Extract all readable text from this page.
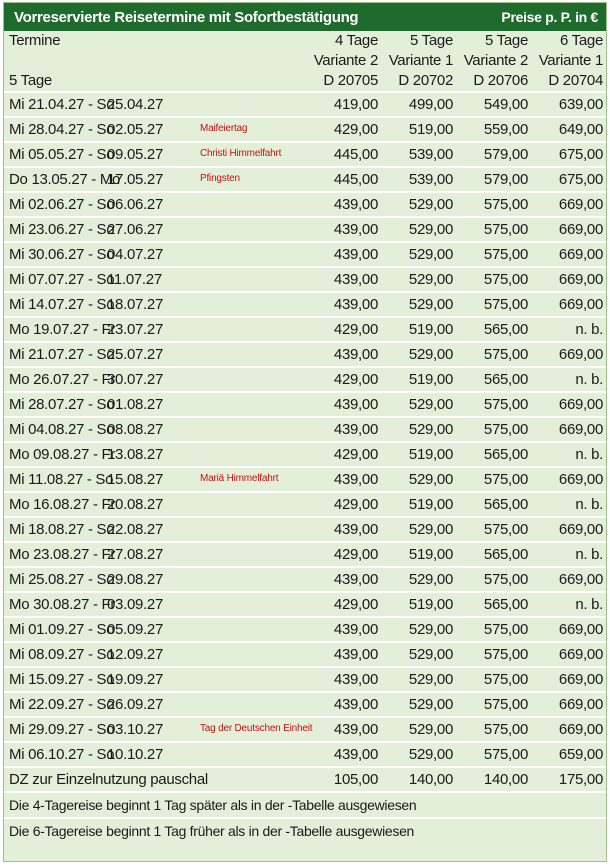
Vorreservierte Reisetermine mit Sofortbestätigung	Preise p. P. in €
Termine	4 Tage	5 Tage	5 Tage	6 Tage
	Variante 2	Variante 1	Variante 2	Variante 1
5 Tage	D 20705	D 20702	D 20706	D 20704
Mi 21.04.27 - So25.04.27	419,00	499,00	549,00	639,00
Mi 28.04.27 - So02.05.27 Maifeiertag	429,00	519,00	559,00	649,00
Mi 05.05.27 - So09.05.27 Christi Himmelfahrt	445,00	539,00	579,00	675,00
Do 13.05.27 - Mo17.05.27 Pfingsten	445,00	539,00	579,00	675,00
Mi 02.06.27 - So06.06.27	439,00	529,00	575,00	669,00
Mi 23.06.27 - So27.06.27	439,00	529,00	575,00	669,00
Mi 30.06.27 - So04.07.27	439,00	529,00	575,00	669,00
Mi 07.07.27 - So11.07.27	439,00	529,00	575,00	669,00
Mi 14.07.27 - So18.07.27	439,00	529,00	575,00	669,00
Mo 19.07.27 - Fr23.07.27	429,00	519,00	565,00	n. b.
Mi 21.07.27 - So25.07.27	439,00	529,00	575,00	669,00
Mo 26.07.27 - Fr30.07.27	429,00	519,00	565,00	n. b.
Mi 28.07.27 - So01.08.27	439,00	529,00	575,00	669,00
Mi 04.08.27 - So08.08.27	439,00	529,00	575,00	669,00
Mo 09.08.27 - Fr13.08.27	429,00	519,00	565,00	n. b.
Mi 11.08.27 - So15.08.27 Mariä Himmelfahrt	439,00	529,00	575,00	669,00
Mo 16.08.27 - Fr20.08.27	429,00	519,00	565,00	n. b.
Mi 18.08.27 - So22.08.27	439,00	529,00	575,00	669,00
Mo 23.08.27 - Fr27.08.27	429,00	519,00	565,00	n. b.
Mi 25.08.27 - So29.08.27	439,00	529,00	575,00	669,00
Mo 30.08.27 - Fr03.09.27	429,00	519,00	565,00	n. b.
Mi 01.09.27 - So05.09.27	439,00	529,00	575,00	669,00
Mi 08.09.27 - So12.09.27	439,00	529,00	575,00	669,00
Mi 15.09.27 - So19.09.27	439,00	529,00	575,00	669,00
Mi 22.09.27 - So26.09.27	439,00	529,00	575,00	669,00
Mi 29.09.27 - So03.10.27 Tag der Deutschen Einheit	439,00	529,00	575,00	669,00
Mi 06.10.27 - So10.10.27	439,00	529,00	575,00	659,00
DZ zur Einzelnutzung pauschal	105,00	140,00	140,00	175,00
Die 4-Tagereise beginnt 1 Tag später als in der -Tabelle ausgewiesen				
Die 6-Tagereise beginnt 1 Tag früher als in der -Tabelle ausgewiesen				
